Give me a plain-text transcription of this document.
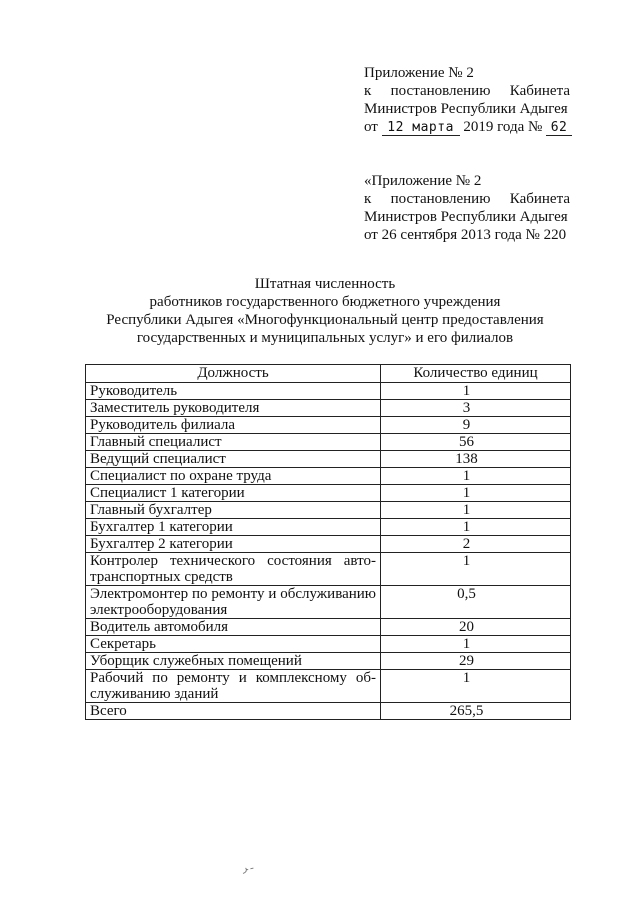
Приложение № 2
к постановлению Кабинета
Министров Республики Адыгея
от 12 марта 2019 года № 62
«Приложение № 2
к постановлению Кабинета
Министров Республики Адыгея
от 26 сентября 2013 года № 220
Штатная численность
работников государственного бюджетного учреждения
Республики Адыгея «Многофункциональный центр предоставления
государственных и муниципальных услуг» и его филиалов
Должность	Количество единиц
Руководитель	1
Заместитель руководителя	3
Руководитель филиала	9
Главный специалист	56
Ведущий специалист	138
Специалист по охране труда	1
Специалист 1 категории	1
Главный бухгалтер	1
Бухгалтер 1 категории	1
Бухгалтер 2 категории	2
Контролер технического состояния авто-транспортных средств	1
Электромонтер по ремонту и обслуживанию электрооборудования	0,5
Водитель автомобиля	20
Секретарь	1
Уборщик служебных помещений	29
Рабочий по ремонту и комплексному об-служиванию зданий	1
Всего	265,5
ـ ﺮ
